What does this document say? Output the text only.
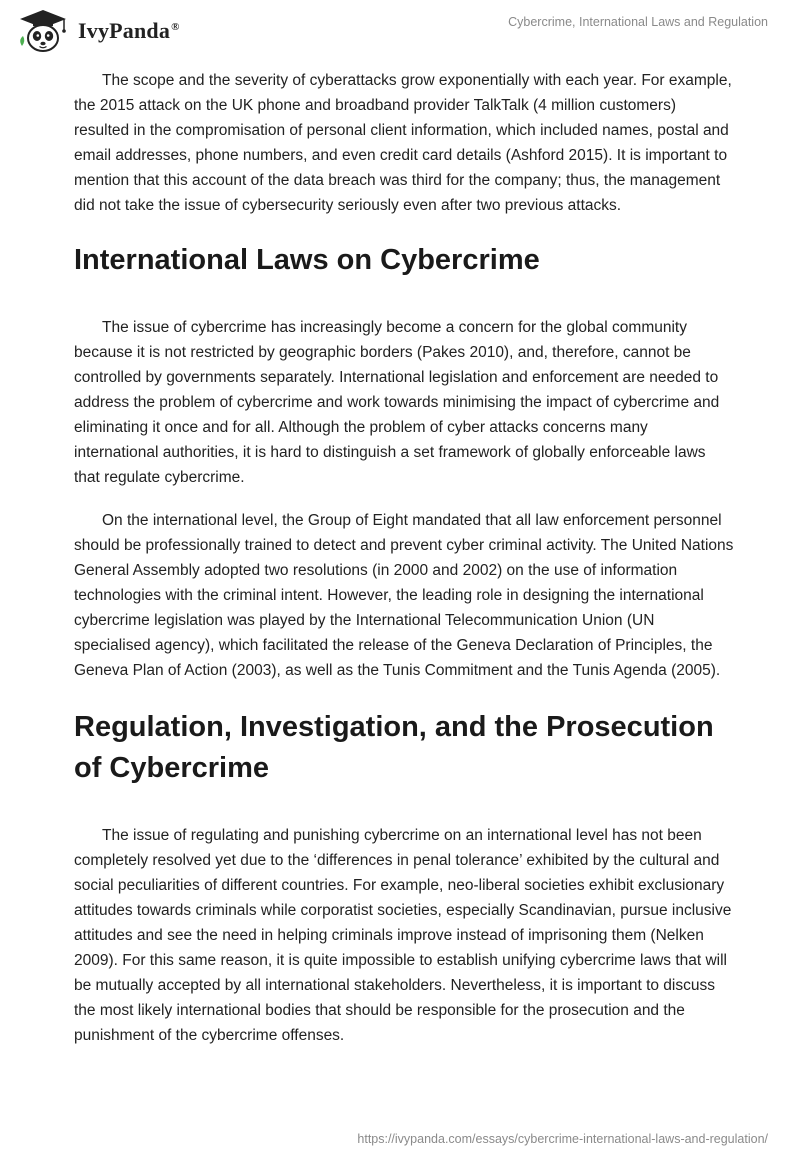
IvyPanda®	Cybercrime, International Laws and Regulation

The scope and the severity of cyberattacks grow exponentially with each year. For example, the 2015 attack on the UK phone and broadband provider TalkTalk (4 million customers) resulted in the compromisation of personal client information, which included names, postal and email addresses, phone numbers, and even credit card details (Ashford 2015). It is important to mention that this account of the data breach was third for the company; thus, the management did not take the issue of cybersecurity seriously even after two previous attacks.

International Laws on Cybercrime

The issue of cybercrime has increasingly become a concern for the global community because it is not restricted by geographic borders (Pakes 2010), and, therefore, cannot be controlled by governments separately. International legislation and enforcement are needed to address the problem of cybercrime and work towards minimising the impact of cybercrime and eliminating it once and for all. Although the problem of cyber attacks concerns many international authorities, it is hard to distinguish a set framework of globally enforceable laws that regulate cybercrime.

On the international level, the Group of Eight mandated that all law enforcement personnel should be professionally trained to detect and prevent cyber criminal activity. The United Nations General Assembly adopted two resolutions (in 2000 and 2002) on the use of information technologies with the criminal intent. However, the leading role in designing the international cybercrime legislation was played by the International Telecommunication Union (UN specialised agency), which facilitated the release of the Geneva Declaration of Principles, the Geneva Plan of Action (2003), as well as the Tunis Commitment and the Tunis Agenda (2005).

Regulation, Investigation, and the Prosecution of Cybercrime

The issue of regulating and punishing cybercrime on an international level has not been completely resolved yet due to the ‘differences in penal tolerance’ exhibited by the cultural and social peculiarities of different countries. For example, neo-liberal societies exhibit exclusionary attitudes towards criminals while corporatist societies, especially Scandinavian, pursue inclusive attitudes and see the need in helping criminals improve instead of imprisoning them (Nelken 2009). For this same reason, it is quite impossible to establish unifying cybercrime laws that will be mutually accepted by all international stakeholders. Nevertheless, it is important to discuss the most likely international bodies that should be responsible for the prosecution and the punishment of the cybercrime offenses.

https://ivypanda.com/essays/cybercrime-international-laws-and-regulation/
